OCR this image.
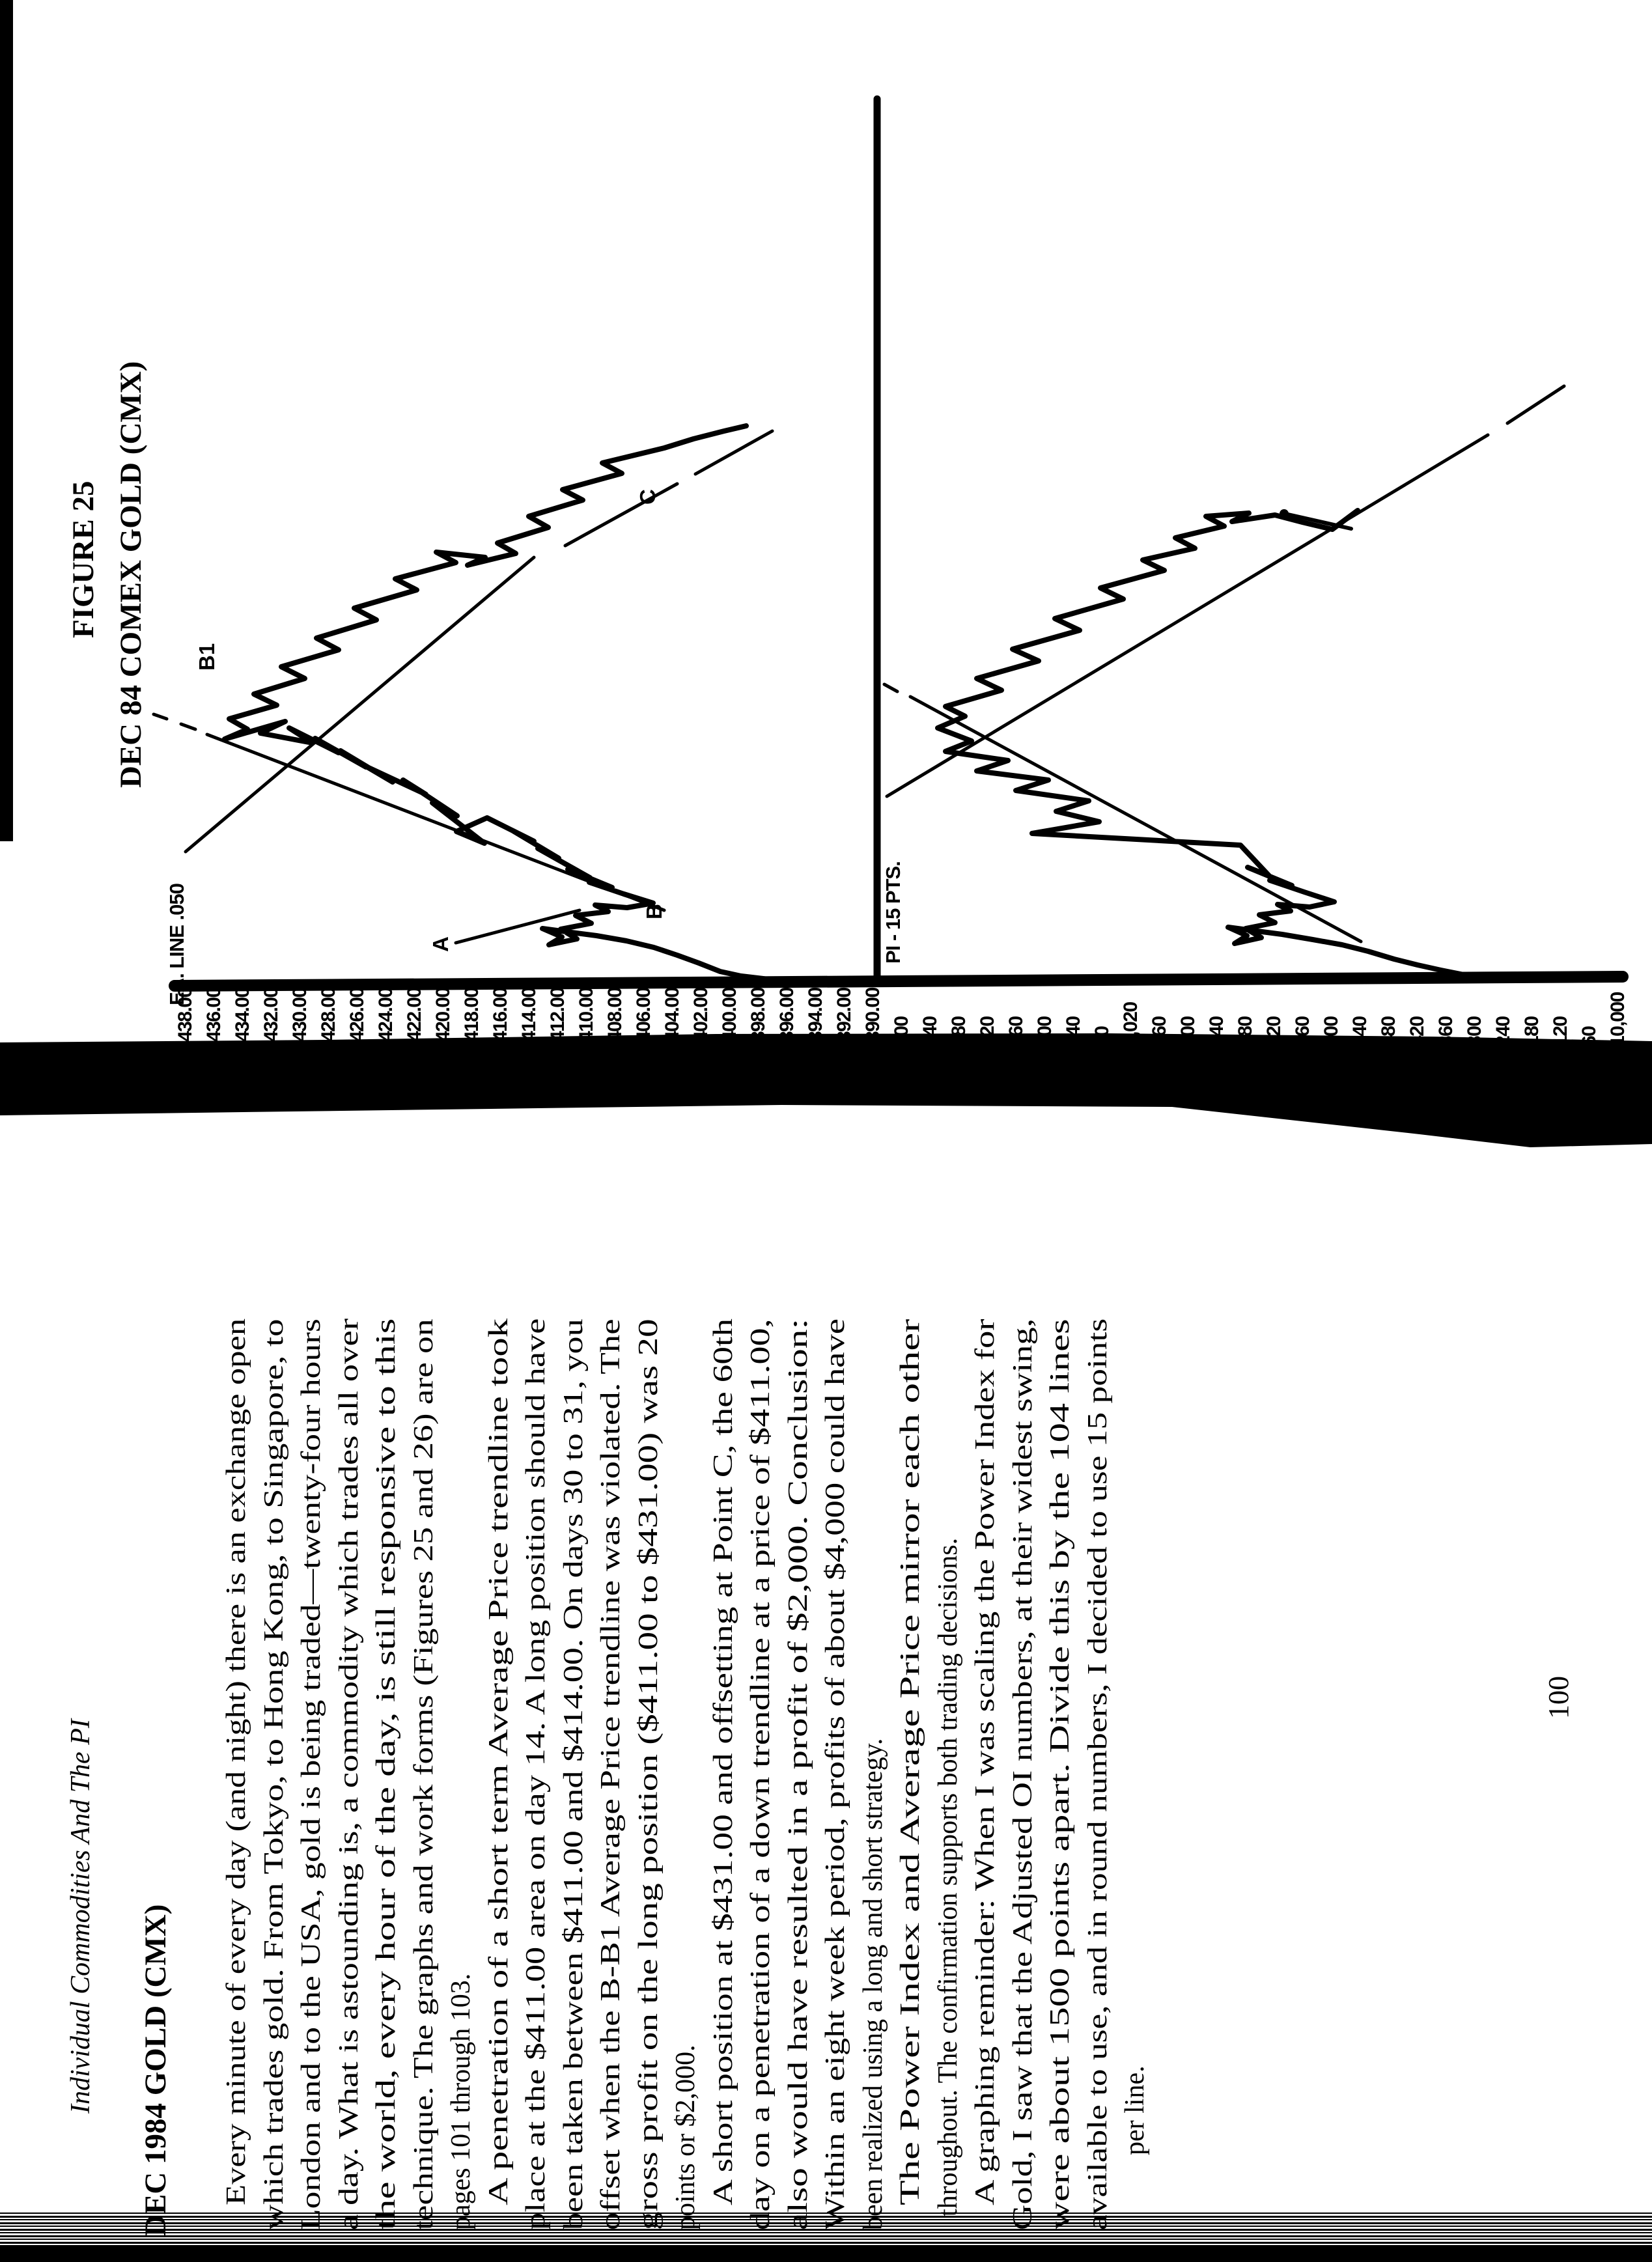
FIGURE 25 DEC 84 COMEX GOLD (CMX)
EA. LINE .050	PI - 15 PTS.
438.00 436.00 434.00 432.00 430.00 428.00 426.00 424.00 422.00 420.00 418.00 416.00 414.00 412.00 410.00 408.00 406.00 404.00 402.00 400.00 398.00 396.00 394.00 392.00 390.00 500 440 380 320 260 200 140 80 1,020 960 900 840 780 720 660 600 540 480 420 360 300 240 180 120 60 10,000
B1
A
B
C
Individual Commodities And The PI DEC 1984 GOLD (CMX)
100
Every minute of every day (and night) there is an exchange open which trades gold. From Tokyo, to Hong Kong, to Singapore, to London and to the USA, gold is being traded—twenty-four hours a day. What is astounding is, a commodity which trades all over the world, every hour of the day, is still responsive to this technique. The graphs and work forms (Figures 25 and 26) are on pages 101 through 103. A penetration of a short term Average Price trendline took place at the $411.00 area on day 14. A long position should have been taken between $411.00 and $414.00. On days 30 to 31, you offset when the B-B1 Average Price trendline was violated. The gross profit on the long position ($411.00 to $431.00) was 20 points or $2,000. A short position at $431.00 and offsetting at Point C, the 60th day on a penetration of a down trendline at a price of $411.00, also would have resulted in a profit of $2,000. Conclusion: Within an eight week period, profits of about $4,000 could have been realized using a long and short strategy. The Power Index and Average Price mirror each other throughout. The confirmation supports both trading decisions. A graphing reminder: When I was scaling the Power Index for Gold, I saw that the Adjusted OI numbers, at their widest swing, were about 1500 points apart. Divide this by the 104 lines available to use, and in round numbers, I decided to use 15 points per line.
